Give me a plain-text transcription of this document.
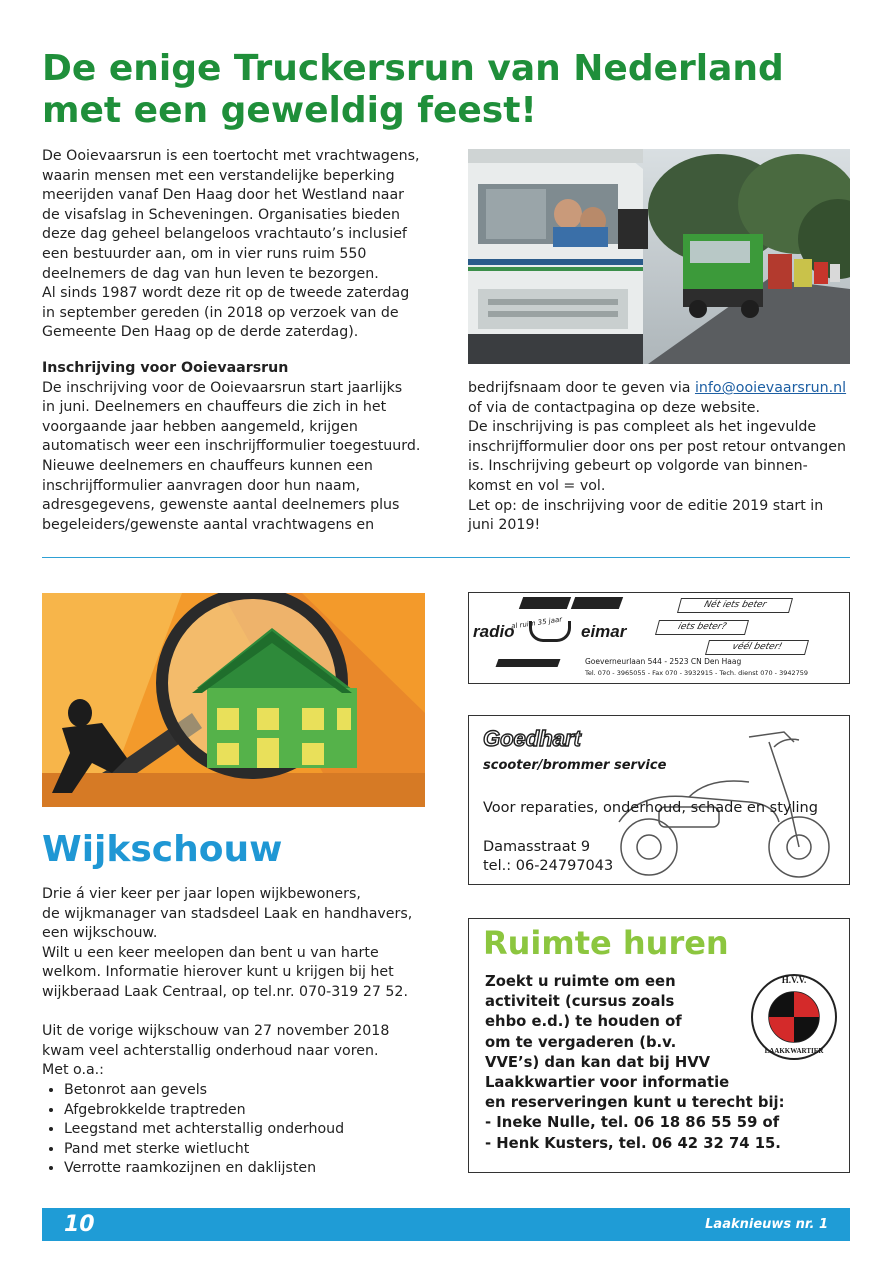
De enige Truckersrun van Nederland met een geweldig feest!
De Ooievaarsrun is een toertocht met vrachtwagens,
waarin mensen met een verstandelijke beperking
meerijden vanaf Den Haag door het Westland naar
de visafslag in Scheveningen. Organisaties bieden
deze dag geheel belangeloos vrachtauto’s inclusief
een bestuurder aan, om in vier runs ruim 550
deelnemers de dag van hun leven te bezorgen.
Al sinds 1987 wordt deze rit op de tweede zaterdag
in september gereden (in 2018 op verzoek van de
Gemeente Den Haag op de derde zaterdag).
Inschrijving voor Ooievaarsrun
De inschrijving voor de Ooievaarsrun start jaarlijks
in juni. Deelnemers en chauffeurs die zich in het
voorgaande jaar hebben aangemeld, krijgen
automatisch weer een inschrijfformulier toegestuurd.
Nieuwe deelnemers en chauffeurs kunnen een
inschrijfformulier aanvragen door hun naam,
adresgegevens, gewenste aantal deelnemers plus
begeleiders/gewenste aantal vrachtwagens en
bedrijfsnaam door te geven via info@ooievaarsrun.nl
of via de contactpagina op deze website.
De inschrijving is pas compleet als het ingevulde
inschrijfformulier door ons per post retour ontvangen
is. Inschrijving gebeurt op volgorde van binnen-
komst en vol = vol.
Let op: de inschrijving voor de editie 2019 start in
juni 2019!
Wijkschouw
Drie á vier keer per jaar lopen wijkbewoners,
de wijkmanager van stadsdeel Laak en handhavers,
een wijkschouw.
Wilt u een keer meelopen dan bent u van harte
welkom. Informatie hierover kunt u krijgen bij het
wijkberaad Laak Centraal, op tel.nr. 070-319 27 52.
Uit de vorige wijkschouw van 27 november 2018
kwam veel achterstallig onderhoud naar voren.
Met o.a.:
• Betonrot aan gevels
• Afgebrokkelde traptreden
• Leegstand met achterstallig onderhoud
• Pand met sterke wietlucht
• Verrotte raamkozijnen en daklijsten
radio	eimar
al ruim 35 jaar
Nét iets beter
iets beter?
véél beter!
Goeverneurlaan 544 - 2523 CN Den Haag
Tel. 070 - 3965055 - Fax 070 - 3932915 - Tech. dienst 070 - 3942759
Goedhart
scooter/brommer service
Voor reparaties, onderhoud, schade en styling
Damasstraat 9
tel.: 06-24797043
Ruimte huren
H.V.V.
LAAKKWARTIER
Zoekt u ruimte om een
activiteit (cursus zoals
ehbo e.d.) te houden of
om te vergaderen (b.v.
VVE’s) dan kan dat bij HVV
Laakkwartier voor informatie
en reserveringen kunt u terecht bij:
- Ineke Nulle, tel. 06 18 86 55 59 of
- Henk Kusters, tel. 06 42 32 74 15.
10	Laaknieuws nr. 1
